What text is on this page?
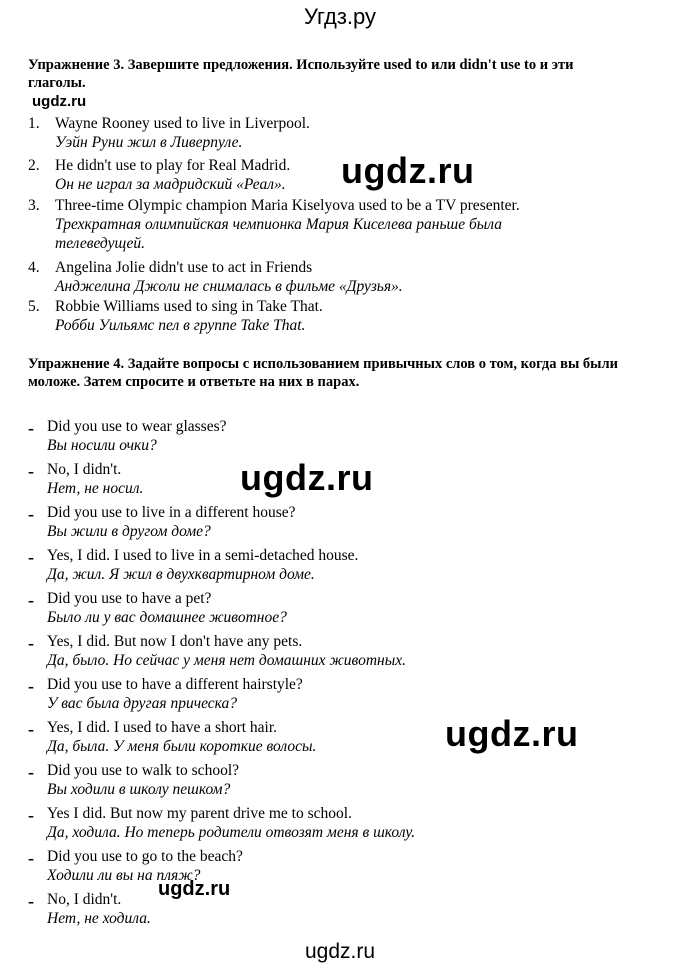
Угдз.ру
Упражнение 3. Завершите предложения. Используйте used to или didn't use to и эти глаголы.
ugdz.ru
1. Wayne Rooney used to live in Liverpool.
Уэйн Руни жил в Ливерпуле.
2. He didn't use to play for Real Madrid.
Он не играл за мадридский «Реал».
3. Three-time Olympic champion Maria Kiselyova used to be a TV presenter.
Трехкратная олимпийская чемпионка Мария Киселева раньше была
телеведущей.
4. Angelina Jolie didn't use to act in Friends
Анджелина Джоли не снималась в фильме «Друзья».
5. Robbie Williams used to sing in Take That.
Робби Уильямс пел в группе Take That.
Упражнение 4. Задайте вопросы с использованием привычных слов о том, когда вы были моложе. Затем спросите и ответьте на них в парах.
- Did you use to wear glasses?
Вы носили очки?
- No, I didn't.
Нет, не носил.
- Did you use to live in a different house?
Вы жили в другом доме?
- Yes, I did. I used to live in a semi-detached house.
Да, жил. Я жил в двухквартирном доме.
- Did you use to have a pet?
Было ли у вас домашнее животное?
- Yes, I did. But now I don't have any pets.
Да, было. Но сейчас у меня нет домашних животных.
- Did you use to have a different hairstyle?
У вас была другая прическа?
- Yes, I did. I used to have a short hair.
Да, была. У меня были короткие волосы.
- Did you use to walk to school?
Вы ходили в школу пешком?
- Yes I did. But now my parent drive me to school.
Да, ходила. Но теперь родители отвозят меня в школу.
- Did you use to go to the beach?
Ходили ли вы на пляж?
- No, I didn't.
Нет, не ходила.
ugdz.ru
ugdz.ru
ugdz.ru
ugdz.ru
ugdz.ru
